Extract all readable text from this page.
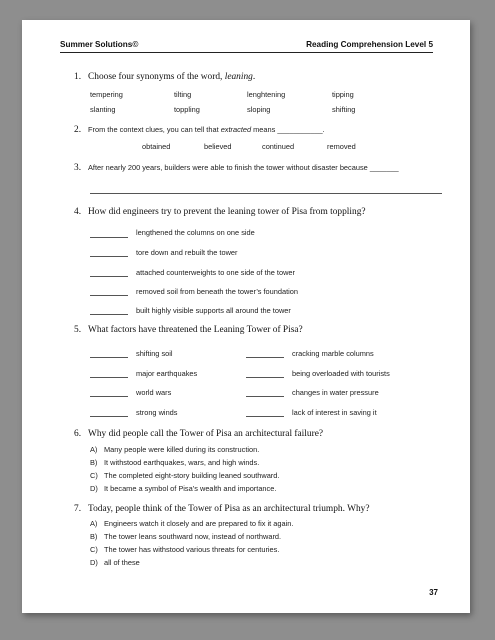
Summer Solutions©	Reading Comprehension Level 5
1. Choose four synonyms of the word, leaning.
tempering	tilting	lenghtening	tipping
slanting	toppling	sloping	shifting
2. From the context clues, you can tell that extracted means ___________.
obtained	believed	continued	removed
3. After nearly 200 years, builders were able to finish the tower without disaster because _______
4. How did engineers try to prevent the leaning tower of Pisa from toppling?
lengthened the columns on one side
tore down and rebuilt the tower
attached counterweights to one side of the tower
removed soil from beneath the tower’s foundation
built highly visible supports all around the tower
5. What factors have threatened the Leaning Tower of Pisa?
shifting soil	cracking marble columns
major earthquakes	being overloaded with tourists
world wars	changes in water pressure
strong winds	lack of interest in saving it
6. Why did people call the Tower of Pisa an architectural failure?
A) Many people were killed during its construction.
B) It withstood earthquakes, wars, and high winds.
C) The completed eight-story building leaned southward.
D) It became a symbol of Pisa’s wealth and importance.
7. Today, people think of the Tower of Pisa as an architectural triumph. Why?
A) Engineers watch it closely and are prepared to fix it again.
B) The tower leans southward now, instead of northward.
C) The tower has withstood various threats for centuries.
D) all of these
37
